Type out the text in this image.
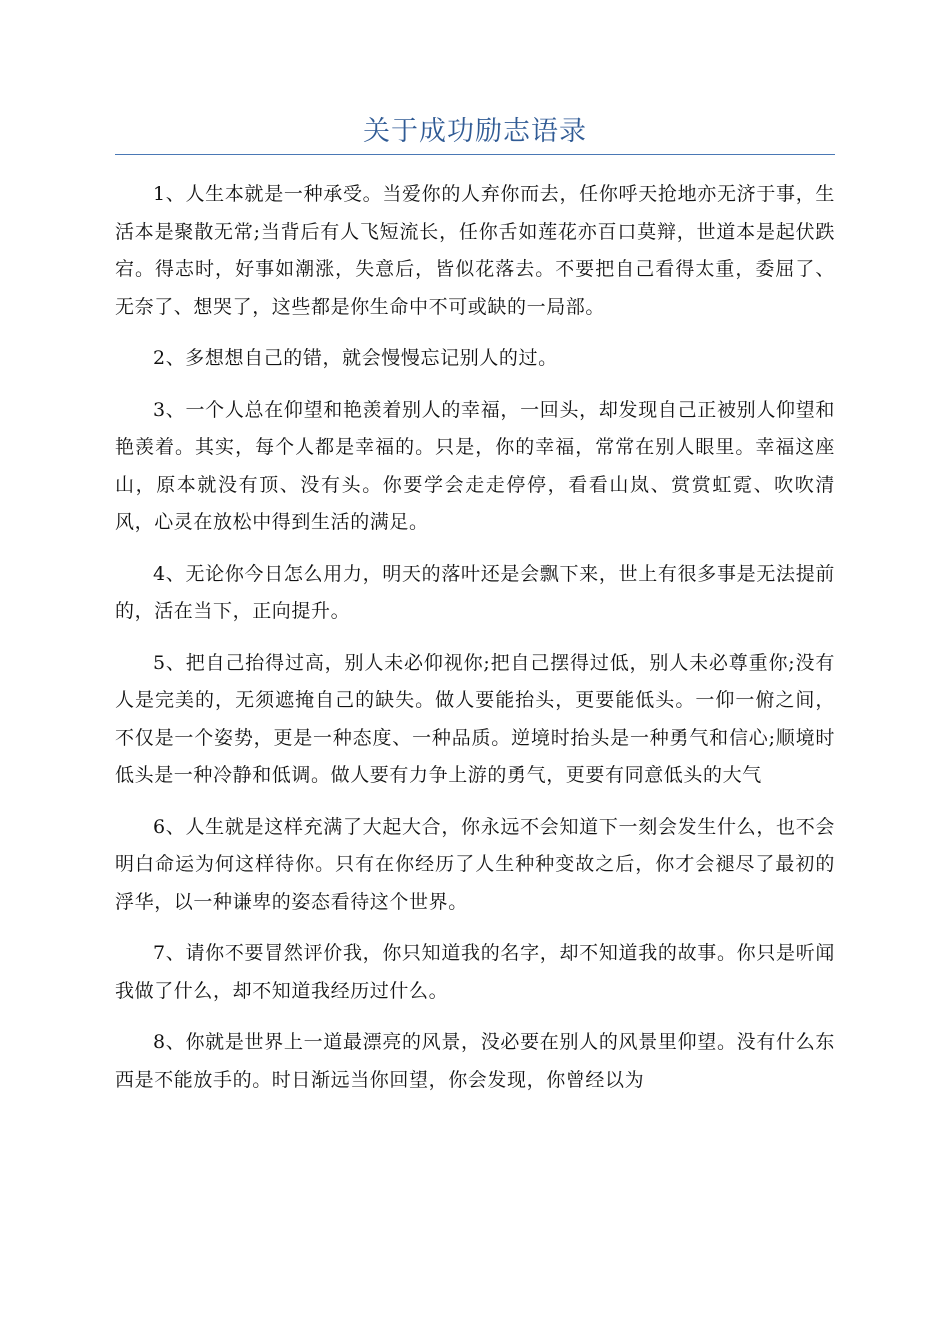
关于成功励志语录

1、人生本就是一种承受。当爱你的人弃你而去，任你呼天抢地亦无济于事，生活本是聚散无常;当背后有人飞短流长，任你舌如莲花亦百口莫辩，世道本是起伏跌宕。得志时，好事如潮涨，失意后，皆似花落去。不要把自己看得太重，委屈了、无奈了、想哭了，这些都是你生命中不可或缺的一局部。

2、多想想自己的错，就会慢慢忘记别人的过。

3、一个人总在仰望和艳羡着别人的幸福，一回头，却发现自己正被别人仰望和艳羡着。其实，每个人都是幸福的。只是，你的幸福，常常在别人眼里。幸福这座山，原本就没有顶、没有头。你要学会走走停停，看看山岚、赏赏虹霓、吹吹清风，心灵在放松中得到生活的满足。

4、无论你今日怎么用力，明天的落叶还是会飘下来，世上有很多事是无法提前的，活在当下，正向提升。

5、把自己抬得过高，别人未必仰视你;把自己摆得过低，别人未必尊重你;没有人是完美的，无须遮掩自己的缺失。做人要能抬头，更要能低头。一仰一俯之间，不仅是一个姿势，更是一种态度、一种品质。逆境时抬头是一种勇气和信心;顺境时低头是一种冷静和低调。做人要有力争上游的勇气，更要有同意低头的大气

6、人生就是这样充满了大起大合，你永远不会知道下一刻会发生什么，也不会明白命运为何这样待你。只有在你经历了人生种种变故之后，你才会褪尽了最初的浮华，以一种谦卑的姿态看待这个世界。

7、请你不要冒然评价我，你只知道我的名字，却不知道我的故事。你只是听闻我做了什么，却不知道我经历过什么。

8、你就是世界上一道最漂亮的风景，没必要在别人的风景里仰望。没有什么东西是不能放手的。时日渐远当你回望，你会发现，你曾经以为
